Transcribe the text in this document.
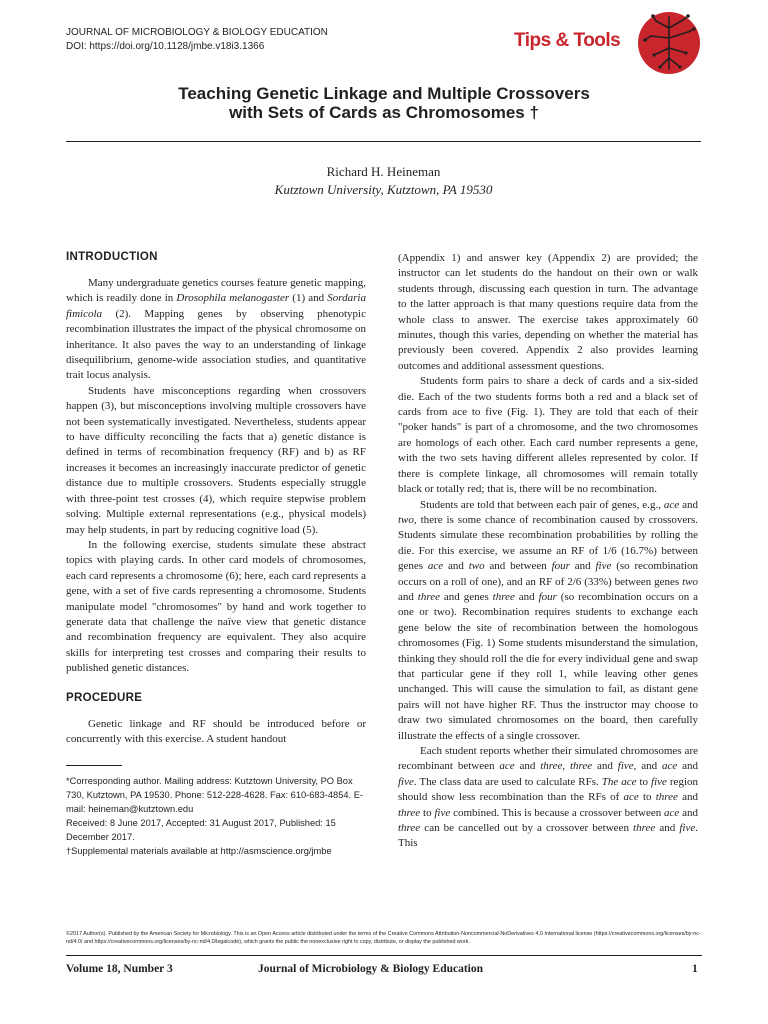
JOURNAL OF MICROBIOLOGY & BIOLOGY EDUCATION
DOI: https://doi.org/10.1128/jmbe.v18i3.1366	Tips & Tools
Teaching Genetic Linkage and Multiple Crossovers
with Sets of Cards as Chromosomes †
Richard H. Heineman
Kutztown University, Kutztown, PA 19530
INTRODUCTION

Many undergraduate genetics courses feature genetic mapping, which is readily done in Drosophila melanogaster (1) and Sordaria fimicola (2). Mapping genes by observing phenotypic recombination illustrates the impact of the physical chromosome on inheritance. It also paves the way to an understanding of linkage disequilibrium, genome-wide association studies, and quantitative trait locus analysis.

Students have misconceptions regarding when crossovers happen (3), but misconceptions involving multiple crossovers have not been systematically investigated. Nevertheless, students appear to have difficulty reconciling the facts that a) genetic distance is defined in terms of recombination frequency (RF) and b) as RF increases it becomes an increasingly inaccurate predictor of genetic distance due to multiple crossovers. Students especially struggle with three-point test crosses (4), which require stepwise problem solving. Multiple external representations (e.g., physical models) may help students, in part by reducing cognitive load (5).

In the following exercise, students simulate these abstract topics with playing cards. In other card models of chromosomes, each card represents a chromosome (6); here, each card represents a gene, with a set of five cards representing a chromosome. Students manipulate model "chromosomes" by hand and work together to generate data that challenge the naïve view that genetic distance and recombination frequency are equivalent. They also acquire skills for interpreting test crosses and comparing their results to published genetic distances.

PROCEDURE

Genetic linkage and RF should be introduced before or concurrently with this exercise. A student handout

*Corresponding author. Mailing address: Kutztown University, PO Box 730, Kutztown, PA 19530. Phone: 512-228-4628. Fax: 610-683-4854. E-mail: heineman@kutztown.edu
Received: 8 June 2017, Accepted: 31 August 2017, Published: 15 December 2017.
†Supplemental materials available at http://asmscience.org/jmbe

(Appendix 1) and answer key (Appendix 2) are provided; the instructor can let students do the handout on their own or walk students through, discussing each question in turn. The advantage to the latter approach is that many questions require data from the whole class to answer. The exercise takes approximately 60 minutes, though this varies, depending on whether the material has previously been covered. Appendix 2 also provides learning outcomes and additional assessment questions.

Students form pairs to share a deck of cards and a six-sided die. Each of the two students forms both a red and a black set of cards from ace to five (Fig. 1). They are told that each of their "poker hands" is part of a chromosome, and the two chromosomes are homologs of each other. Each card number represents a gene, with the two sets having different alleles represented by color. If there is complete linkage, all chromosomes will remain totally black or totally red; that is, there will be no recombination.

Students are told that between each pair of genes, e.g., ace and two, there is some chance of recombination caused by crossovers. Students simulate these recombination probabilities by rolling the die. For this exercise, we assume an RF of 1/6 (16.7%) between genes ace and two and between four and five (so recombination occurs on a roll of one), and an RF of 2/6 (33%) between genes two and three and genes three and four (so recombination occurs on a one or two). Recombination requires students to exchange each gene below the site of recombination between the homologous chromosomes (Fig. 1) Some students misunderstand the simulation, thinking they should roll the die for every individual gene and swap that particular gene if they roll 1, while leaving other genes unchanged. This will cause the simulation to fail, as distant gene pairs will not have higher RF. Thus the instructor may choose to draw two simulated chromosomes on the board, then carefully illustrate the effects of a single crossover.

Each student reports whether their simulated chromosomes are recombinant between ace and three, three and five, and ace and five. The class data are used to calculate RFs. The ace to five region should show less recombination than the RFs of ace to three and three to five combined. This is because a crossover between ace and three can be cancelled out by a crossover between three and five. This

©2017 Author(s). Published by the American Society for Microbiology. This is an Open Access article distributed under the terms of the Creative Commons Attribution-Noncommercial-NoDerivatives 4.0 International license (https://creativecommons.org/licenses/by-nc-nd/4.0/ and https://creativecommons.org/licenses/by-nc-nd/4.0/legalcode), which grants the public the nonexclusive right to copy, distribute, or display the published work.
Volume 18, Number 3	Journal of Microbiology & Biology Education	1
